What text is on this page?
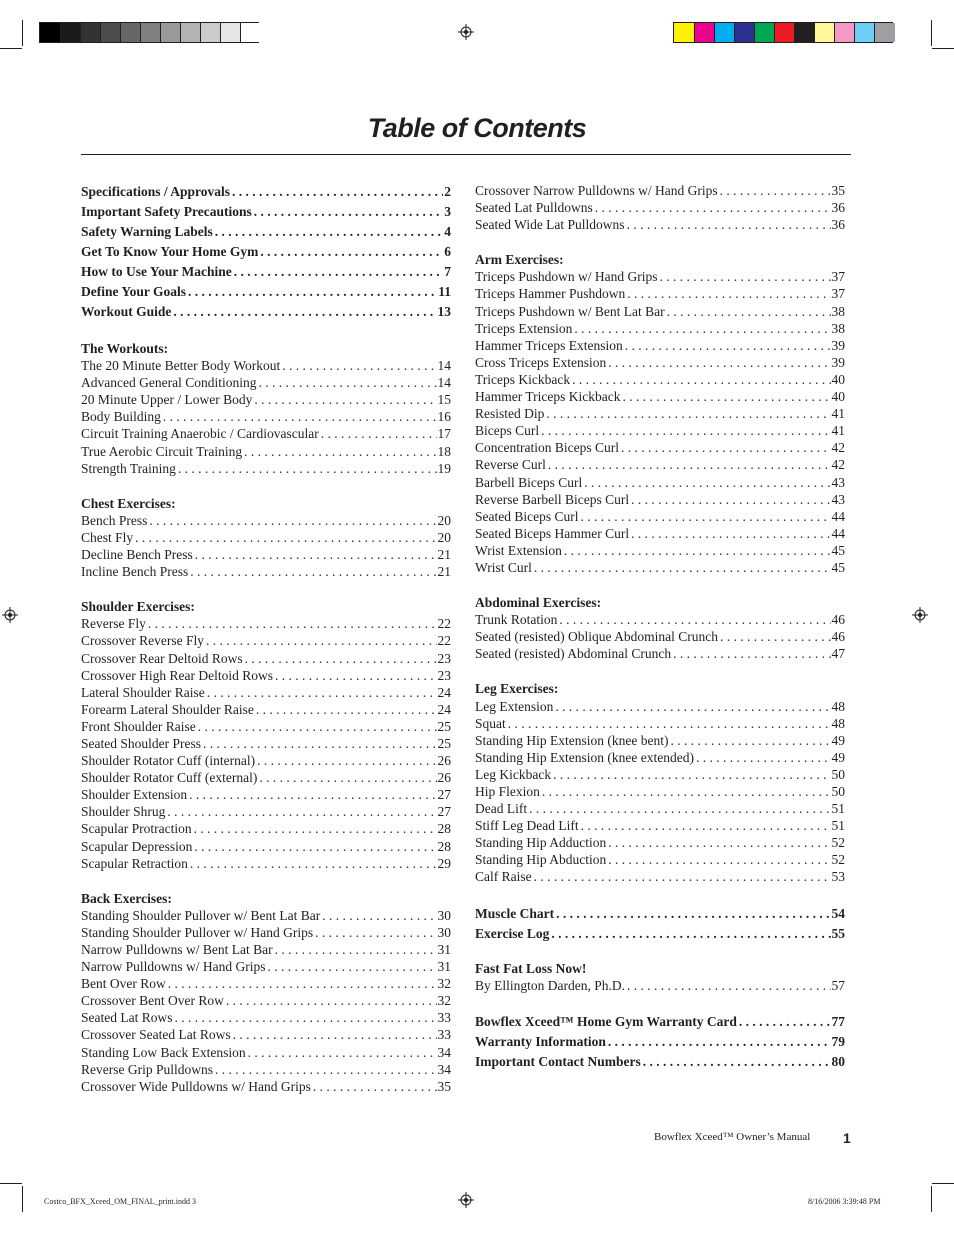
Table of Contents
Specifications / Approvals . . .	2
Important Safety Precautions . . .	3
Safety Warning Labels . . .	4
Get To Know Your Home Gym . . .	6
How to Use Your Machine . . .	7
Define Your Goals . . .	11
Workout Guide . . .	13
The Workouts:
The 20 Minute Better Body Workout . . .	14
Advanced General Conditioning . . .	14
20 Minute Upper / Lower Body . . .	15
Body Building . . .	16
Circuit Training Anaerobic / Cardiovascular . . .	17
True Aerobic Circuit Training . . .	18
Strength Training . . .	19
Chest Exercises:
Bench Press . . .	20
Chest Fly . . .	20
Decline Bench Press . . .	21
Incline Bench Press . . .	21
Shoulder Exercises:
Reverse Fly . . .	22
Crossover Reverse Fly . . .	22
Crossover Rear Deltoid Rows . . .	23
Crossover High Rear Deltoid Rows . . .	23
Lateral Shoulder Raise . . .	24
Forearm Lateral Shoulder Raise . . .	24
Front Shoulder Raise . . .	25
Seated Shoulder Press . . .	25
Shoulder Rotator Cuff (internal) . . .	26
Shoulder Rotator Cuff (external) . . .	26
Shoulder Extension . . .	27
Shoulder Shrug . . .	27
Scapular Protraction . . .	28
Scapular Depression . . .	28
Scapular Retraction . . .	29
Back Exercises:
Standing Shoulder Pullover w/ Bent Lat Bar . . .	30
Standing Shoulder Pullover w/ Hand Grips . . .	30
Narrow Pulldowns w/ Bent Lat Bar . . .	31
Narrow Pulldowns w/ Hand Grips . . .	31
Bent Over Row . . .	32
Crossover Bent Over Row . . .	32
Seated Lat Rows . . .	33
Crossover Seated Lat Rows . . .	33
Standing Low Back Extension . . .	34
Reverse Grip Pulldowns . . .	34
Crossover Wide Pulldowns w/ Hand Grips . . .	35
Crossover Narrow Pulldowns w/ Hand Grips . . .	35
Seated Lat Pulldowns . . .	36
Seated Wide Lat Pulldowns . . .	36
Arm Exercises:
Triceps Pushdown w/ Hand Grips . . .	37
Triceps Hammer Pushdown . . .	37
Triceps Pushdown w/ Bent Lat Bar . . .	38
Triceps Extension . . .	38
Hammer Triceps Extension . . .	39
Cross Triceps Extension . . .	39
Triceps Kickback . . .	40
Hammer Triceps Kickback . . .	40
Resisted Dip . . .	41
Biceps Curl . . .	41
Concentration Biceps Curl . . .	42
Reverse Curl . . .	42
Barbell Biceps Curl . . .	43
Reverse Barbell Biceps Curl . . .	43
Seated Biceps Curl . . .	44
Seated Biceps Hammer Curl . . .	44
Wrist Extension . . .	45
Wrist Curl . . .	45
Abdominal Exercises:
Trunk Rotation . . .	46
Seated (resisted) Oblique Abdominal Crunch . . .	46
Seated (resisted) Abdominal Crunch . . .	47
Leg Exercises:
Leg Extension . . .	48
Squat . . .	48
Standing Hip Extension (knee bent) . . .	49
Standing Hip Extension (knee extended) . . .	49
Leg Kickback . . .	50
Hip Flexion . . .	50
Dead Lift . . .	51
Stiff Leg Dead Lift . . .	51
Standing Hip Adduction . . .	52
Standing Hip Abduction . . .	52
Calf Raise . . .	53
Muscle Chart . . .	54
Exercise Log . . .	55
Fast Fat Loss Now!
By Ellington Darden, Ph.D. . . .	57
Bowflex Xceed™ Home Gym Warranty Card . . .	77
Warranty Information . . .	79
Important Contact Numbers . . .	80
Bowflex Xceed™ Owner’s Manual 1
Costco_BFX_Xceed_OM_FINAL_print.indd 3	8/16/2006 3:39:48 PM
